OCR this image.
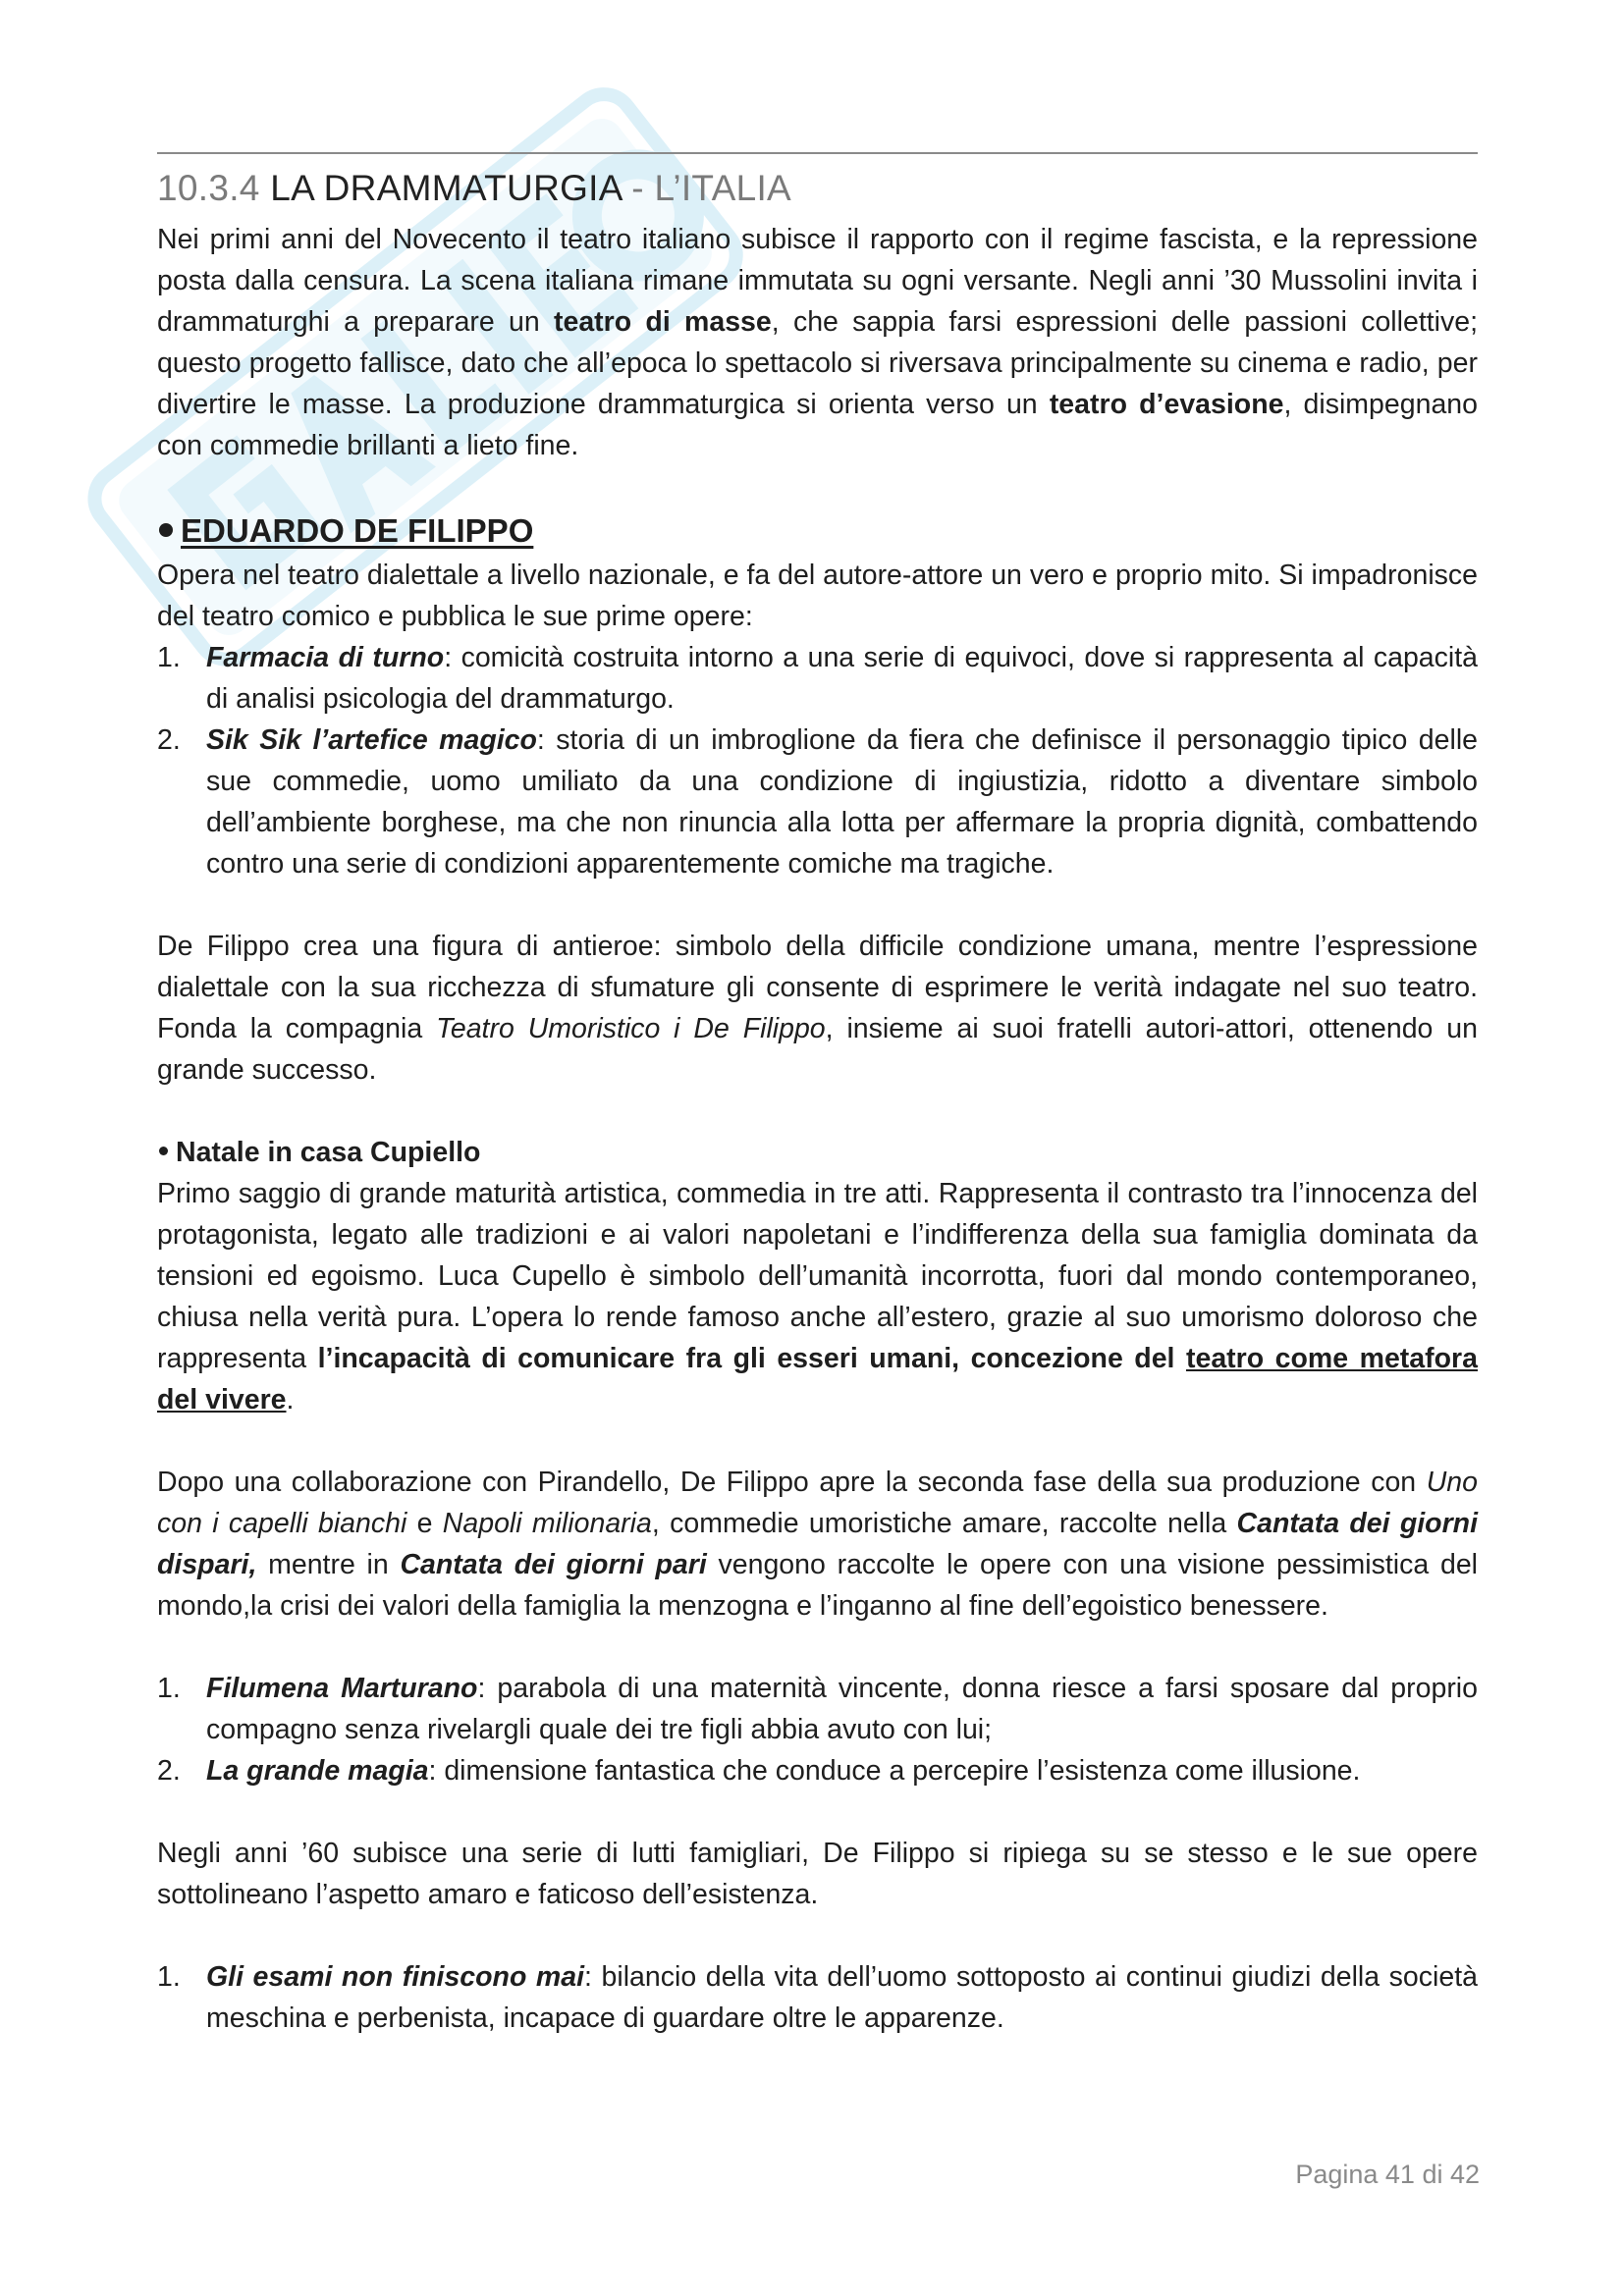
10.3.4 LA DRAMMATURGIA - L’ITALIA

Nei primi anni del Novecento il teatro italiano subisce il rapporto con il regime fascista, e la repressione posta dalla censura. La scena italiana rimane immutata su ogni versante. Negli anni ’30 Mussolini invita i drammaturghi a preparare un teatro di masse, che sappia farsi espressioni delle passioni collettive; questo progetto fallisce, dato che all’epoca lo spettacolo si riversava principalmente su cinema e radio, per divertire le masse. La produzione drammaturgica si orienta verso un teatro d’evasione, disimpegnano con commedie brillanti a lieto fine.

EDUARDO DE FILIPPO

Opera nel teatro dialettale a livello nazionale, e fa del autore-attore un vero e proprio mito. Si impadronisce del teatro comico e pubblica le sue prime opere:

1. Farmacia di turno: comicità costruita intorno a una serie di equivoci, dove si rappresenta al capacità di analisi psicologia del drammaturgo.
2. Sik Sik l’artefice magico: storia di un imbroglione da fiera che definisce il personaggio tipico delle sue commedie, uomo umiliato da una condizione di ingiustizia, ridotto a diventare simbolo dell’ambiente borghese, ma che non rinuncia alla lotta per affermare la propria dignità, combattendo contro una serie di condizioni apparentemente comiche ma tragiche.

De Filippo crea una figura di antieroe: simbolo della difficile condizione umana, mentre l’espressione dialettale con la sua ricchezza di sfumature gli consente di esprimere le verità indagate nel suo teatro. Fonda la compagnia Teatro Umoristico i De Filippo, insieme ai suoi fratelli autori-attori, ottenendo un grande successo.

Natale in casa Cupiello

Primo saggio di grande maturità artistica, commedia in tre atti. Rappresenta il contrasto tra l’innocenza del protagonista, legato alle tradizioni e ai valori napoletani e l’indifferenza della sua famiglia dominata da tensioni ed egoismo. Luca Cupello è simbolo dell’umanità incorrotta, fuori dal mondo contemporaneo, chiusa nella verità pura. L’opera lo rende famoso anche all’estero, grazie al suo umorismo doloroso che rappresenta l’incapacità di comunicare fra gli esseri umani, concezione del teatro come metafora del vivere.

Dopo una collaborazione con Pirandello, De Filippo apre la seconda fase della sua produzione con Uno con i capelli bianchi e Napoli milionaria, commedie umoristiche amare, raccolte nella Cantata dei giorni dispari, mentre in Cantata dei giorni pari vengono raccolte le opere con una visione pessimistica del mondo,la crisi dei valori della famiglia la menzogna e l’inganno al fine dell’egoistico benessere.

1. Filumena Marturano: parabola di una maternità vincente, donna riesce a farsi sposare dal proprio compagno senza rivelargli quale dei tre figli abbia avuto con lui;
2. La grande magia: dimensione fantastica che conduce a percepire l’esistenza come illusione.

Negli anni ’60 subisce una serie di lutti famigliari, De Filippo si ripiega su se stesso e le sue opere sottolineano l’aspetto amaro e faticoso dell’esistenza.

1. Gli esami non finiscono mai: bilancio della vita dell’uomo sottoposto ai continui giudizi della società meschina e perbenista, incapace di guardare oltre le apparenze.
Pagina 41 di 42
